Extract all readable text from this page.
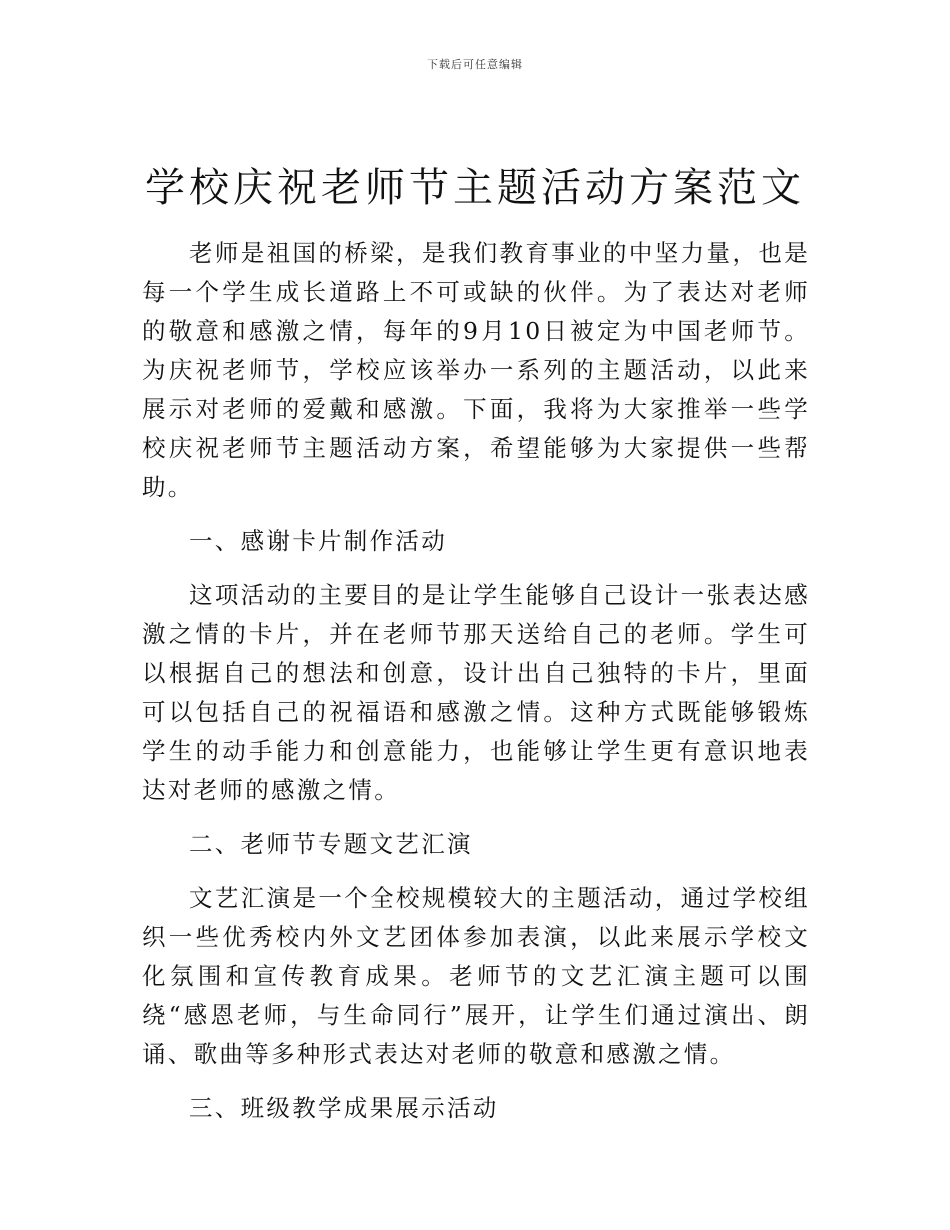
下载后可任意编辑
学校庆祝老师节主题活动方案范文

老师是祖国的桥梁，是我们教育事业的中坚力量，也是每一个学生成长道路上不可或缺的伙伴。为了表达对老师的敬意和感激之情，每年的9月10日被定为中国老师节。为庆祝老师节，学校应该举办一系列的主题活动，以此来展示对老师的爱戴和感激。下面，我将为大家推举一些学校庆祝老师节主题活动方案，希望能够为大家提供一些帮助。

一、感谢卡片制作活动

这项活动的主要目的是让学生能够自己设计一张表达感激之情的卡片，并在老师节那天送给自己的老师。学生可以根据自己的想法和创意，设计出自己独特的卡片，里面可以包括自己的祝福语和感激之情。这种方式既能够锻炼学生的动手能力和创意能力，也能够让学生更有意识地表达对老师的感激之情。

二、老师节专题文艺汇演

文艺汇演是一个全校规模较大的主题活动，通过学校组织一些优秀校内外文艺团体参加表演，以此来展示学校文化氛围和宣传教育成果。老师节的文艺汇演主题可以围绕“感恩老师，与生命同行”展开，让学生们通过演出、朗诵、歌曲等多种形式表达对老师的敬意和感激之情。

三、班级教学成果展示活动
